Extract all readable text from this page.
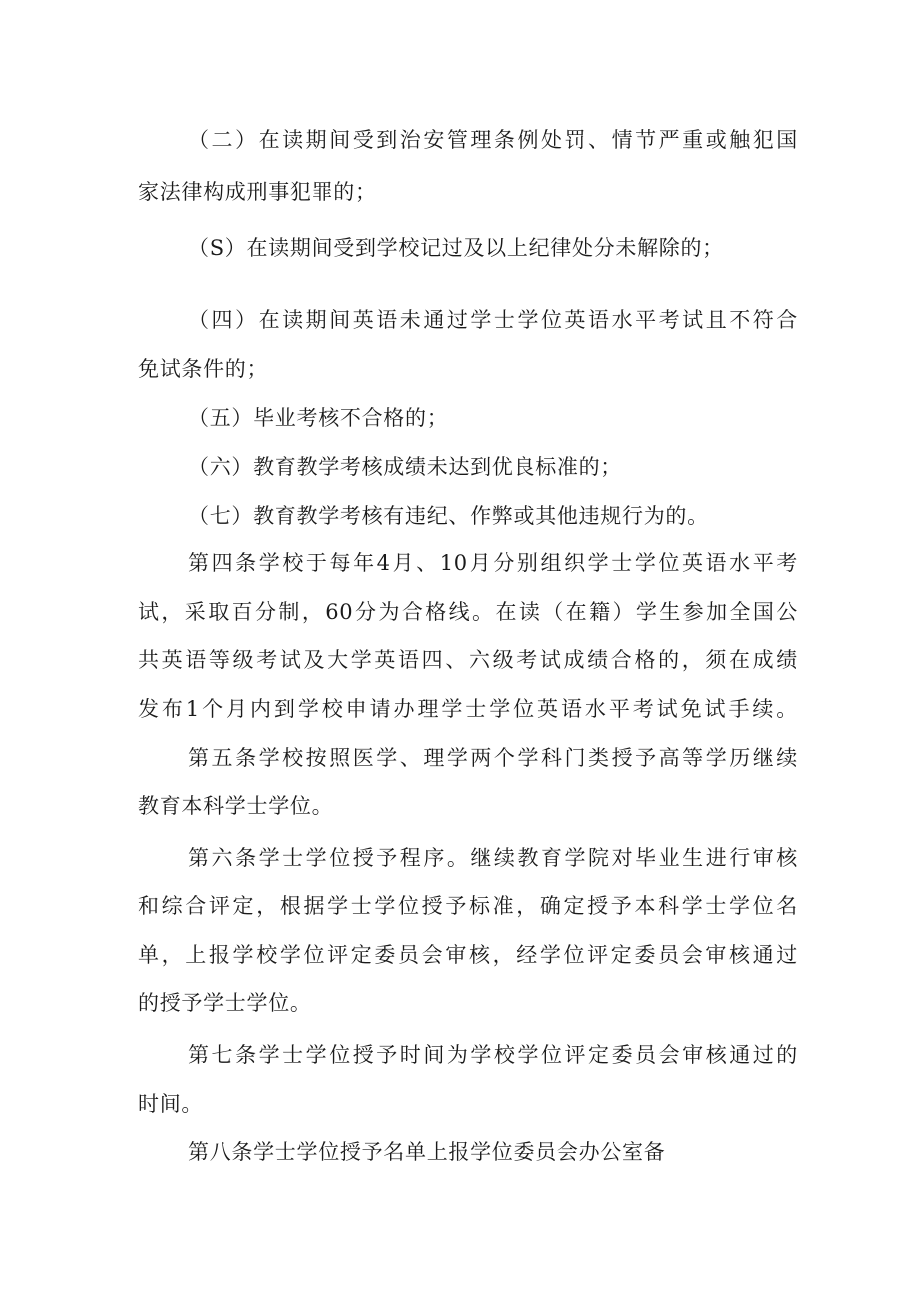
（二）在读期间受到治安管理条例处罚、情节严重或触犯国
家法律构成刑事犯罪的；
（S）在读期间受到学校记过及以上纪律处分未解除的；
（四）在读期间英语未通过学士学位英语水平考试且不符合
免试条件的；
（五）毕业考核不合格的；
（六）教育教学考核成绩未达到优良标准的；
（七）教育教学考核有违纪、作弊或其他违规行为的。
第四条学校于每年4月、10月分别组织学士学位英语水平考
试，采取百分制，60分为合格线。在读（在籍）学生参加全国公
共英语等级考试及大学英语四、六级考试成绩合格的，须在成绩
发布1个月内到学校申请办理学士学位英语水平考试免试手续。
第五条学校按照医学、理学两个学科门类授予高等学历继续
教育本科学士学位。
第六条学士学位授予程序。继续教育学院对毕业生进行审核
和综合评定，根据学士学位授予标准，确定授予本科学士学位名
单，上报学校学位评定委员会审核，经学位评定委员会审核通过
的授予学士学位。
第七条学士学位授予时间为学校学位评定委员会审核通过的
时间。
第八条学士学位授予名单上报学位委员会办公室备
